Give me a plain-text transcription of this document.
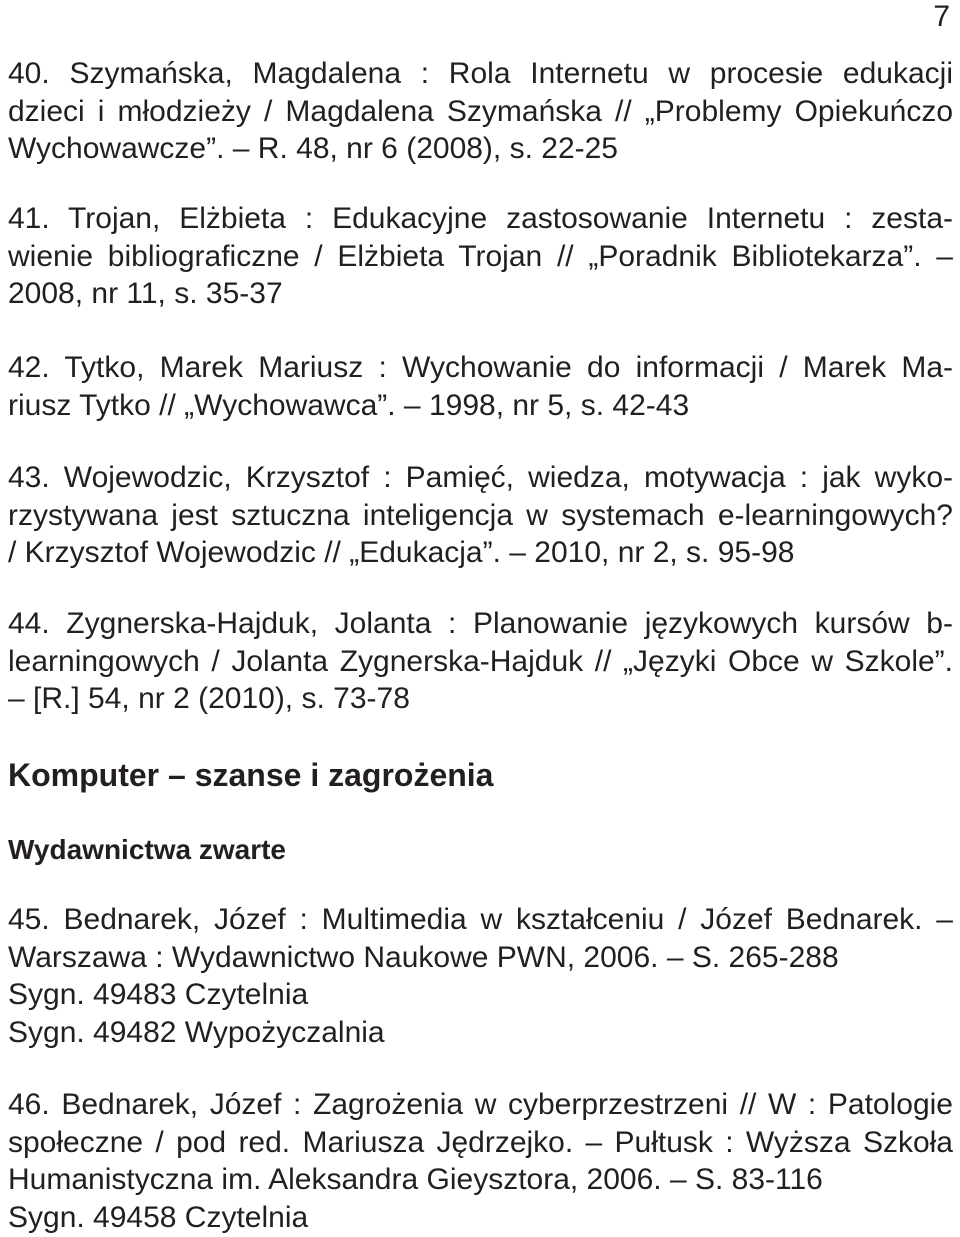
7
40. Szymańska, Magdalena : Rola Internetu w procesie edukacji
dzieci i młodzieży / Magdalena Szymańska // „Problemy Opiekuńczo
Wychowawcze”. – R. 48, nr 6 (2008), s. 22-25
41. Trojan, Elżbieta : Edukacyjne zastosowanie Internetu : zesta-
wienie bibliograficzne / Elżbieta Trojan // „Poradnik Bibliotekarza”. –
2008, nr 11, s. 35-37
42. Tytko, Marek Mariusz : Wychowanie do informacji / Marek Ma-
riusz Tytko // „Wychowawca”. – 1998, nr 5, s. 42-43
43. Wojewodzic, Krzysztof : Pamięć, wiedza, motywacja : jak wyko-
rzystywana jest sztuczna inteligencja w systemach e-learningowych?
/ Krzysztof Wojewodzic // „Edukacja”. – 2010, nr 2, s. 95-98
44. Zygnerska-Hajduk, Jolanta : Planowanie językowych kursów b-
learningowych / Jolanta Zygnerska-Hajduk // „Języki Obce w Szkole”.
– [R.] 54, nr 2 (2010), s. 73-78
Komputer – szanse i zagrożenia
Wydawnictwa zwarte
45. Bednarek, Józef : Multimedia w kształceniu / Józef Bednarek. –
Warszawa : Wydawnictwo Naukowe PWN, 2006. – S. 265-288
Sygn. 49483 Czytelnia
Sygn. 49482 Wypożyczalnia
46. Bednarek, Józef : Zagrożenia w cyberprzestrzeni // W : Patologie
społeczne / pod red. Mariusza Jędrzejko. – Pułtusk : Wyższa Szkoła
Humanistyczna im. Aleksandra Gieysztora, 2006. – S. 83-116
Sygn. 49458 Czytelnia
